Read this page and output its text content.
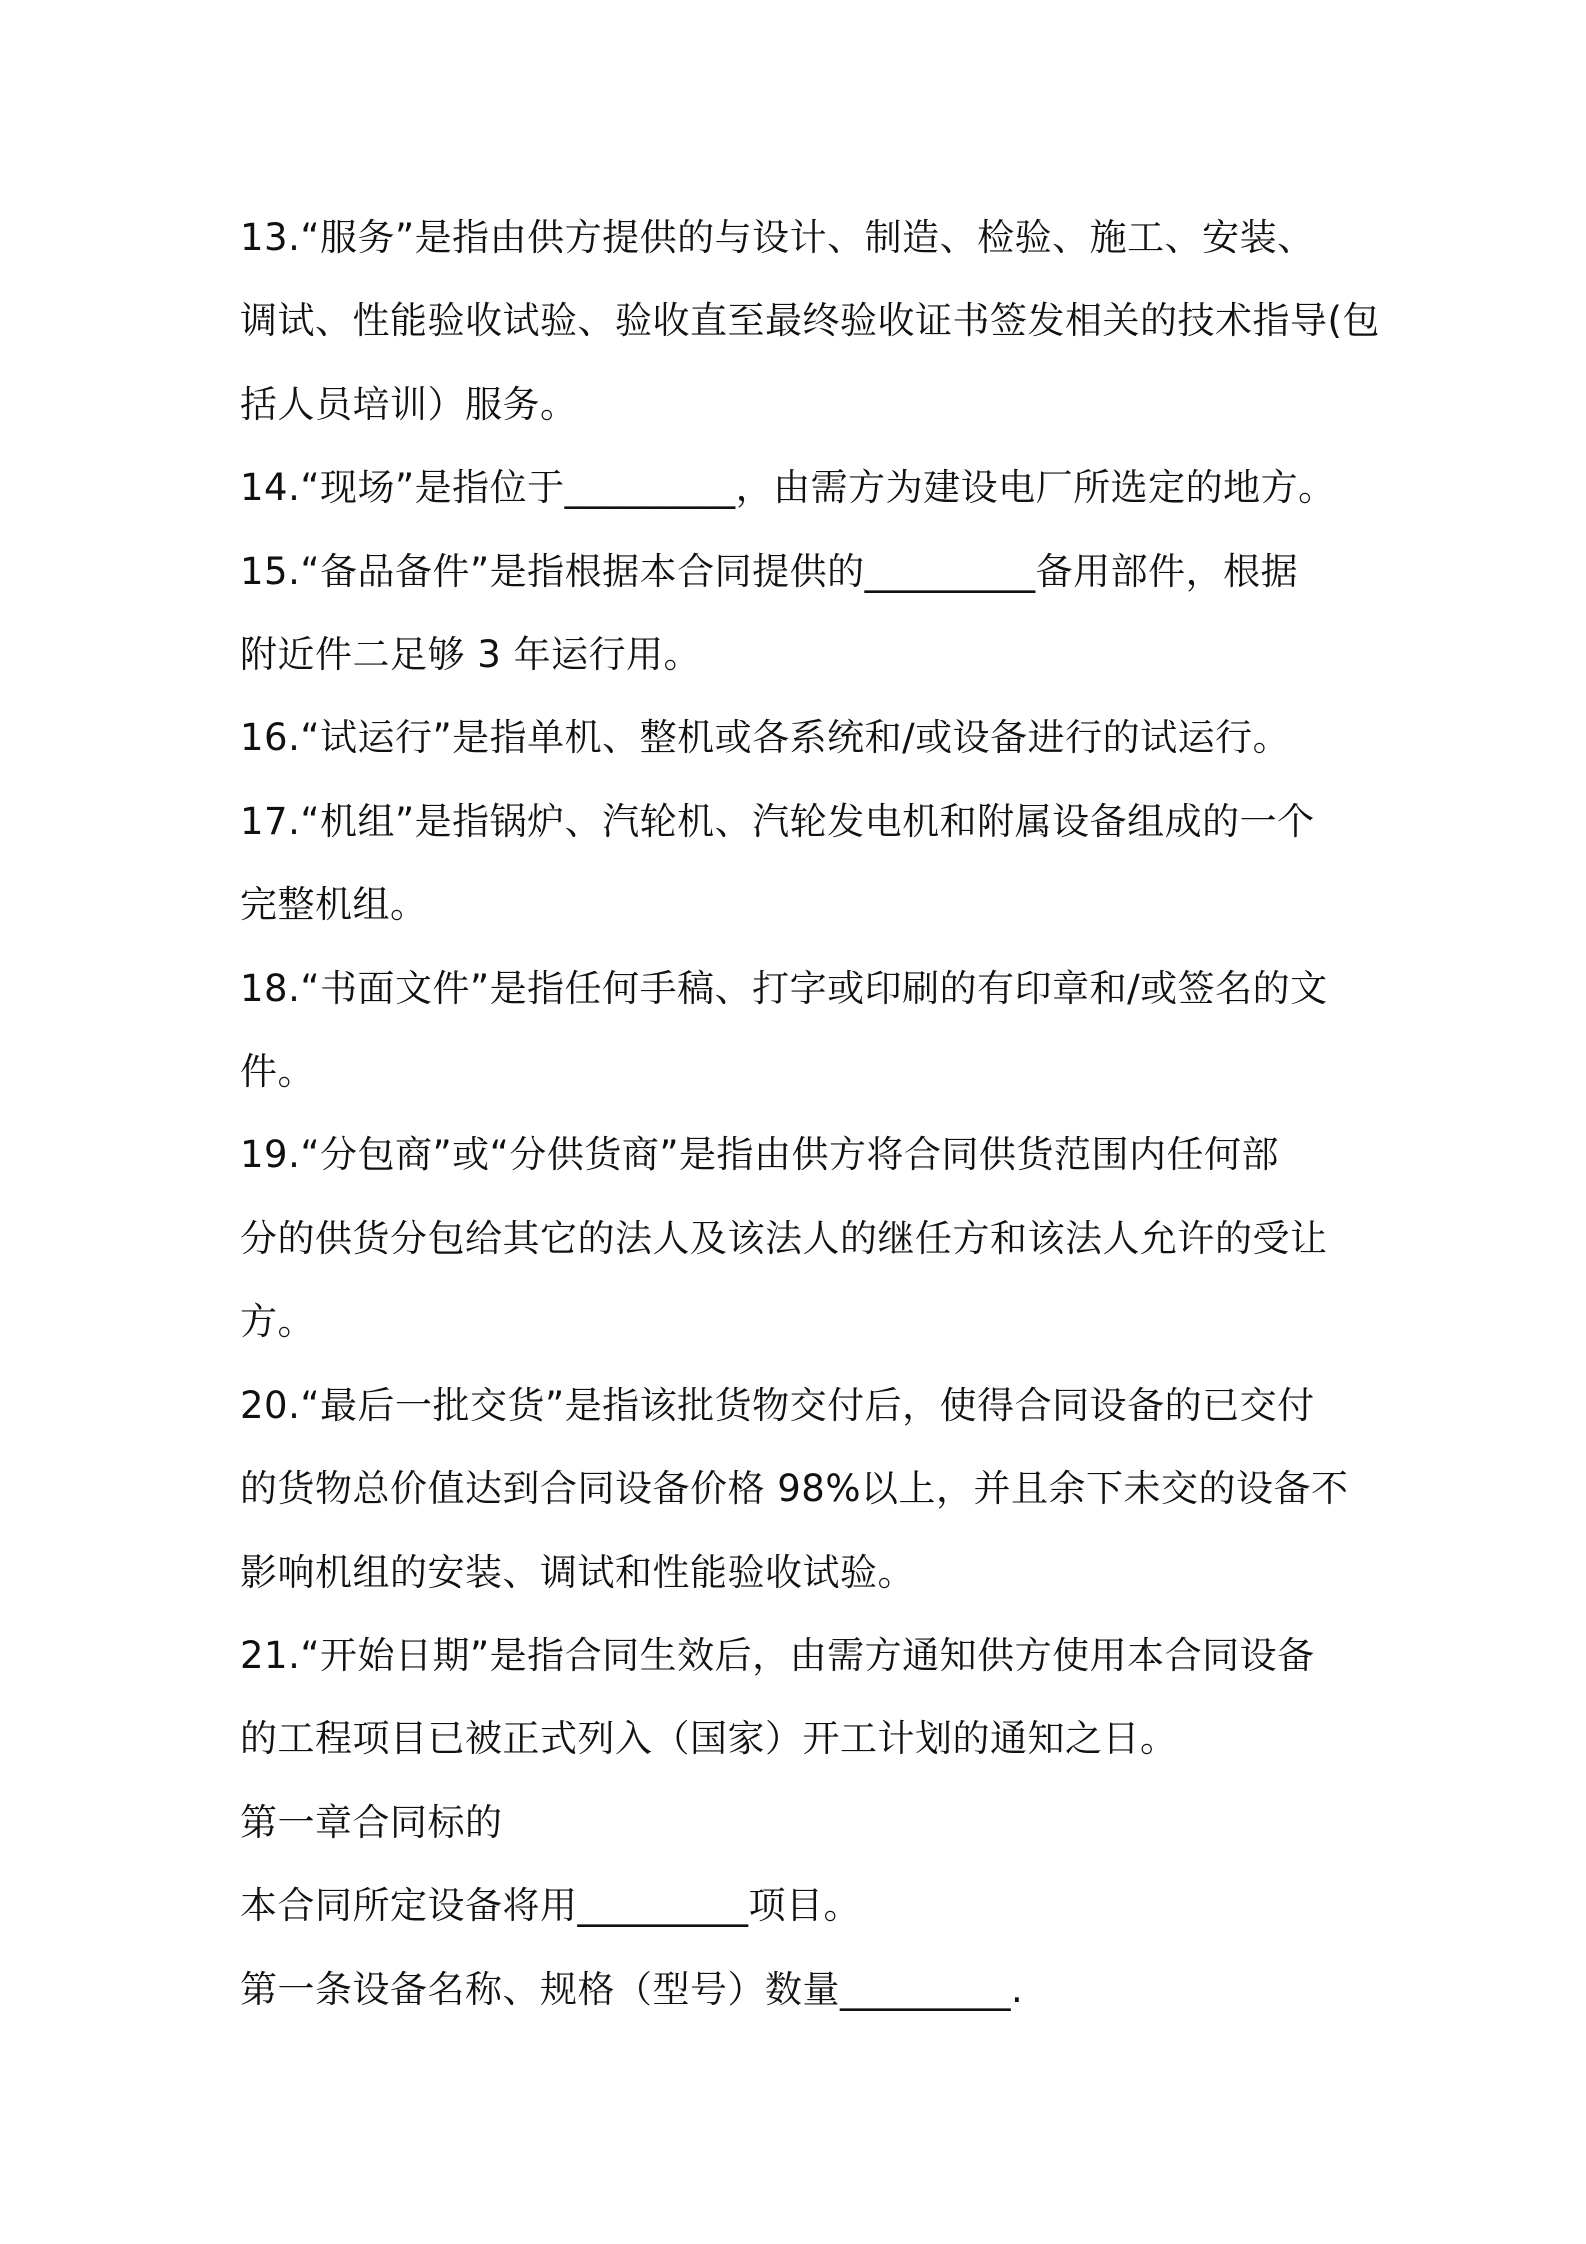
13.“服务”是指由供方提供的与设计、制造、检验、施工、安装、
调试、性能验收试验、验收直至最终验收证书签发相关的技术指导(包
括人员培训）服务。

14.“现场”是指位于_________，由需方为建设电厂所选定的地方。

15.“备品备件”是指根据本合同提供的_________备用部件，根据
附近件二足够 3 年运行用。

16.“试运行”是指单机、整机或各系统和/或设备进行的试运行。

17.“机组”是指锅炉、汽轮机、汽轮发电机和附属设备组成的一个
完整机组。

18.“书面文件”是指任何手稿、打字或印刷的有印章和/或签名的文
件。

19.“分包商”或“分供货商”是指由供方将合同供货范围内任何部
分的供货分包给其它的法人及该法人的继任方和该法人允许的受让
方。

20.“最后一批交货”是指该批货物交付后，使得合同设备的已交付
的货物总价值达到合同设备价格 98%以上，并且余下未交的设备不
影响机组的安装、调试和性能验收试验。

21.“开始日期”是指合同生效后，由需方通知供方使用本合同设备
的工程项目已被正式列入（国家）开工计划的通知之日。

第一章合同标的

本合同所定设备将用_________项目。

第一条设备名称、规格（型号）数量_________.
